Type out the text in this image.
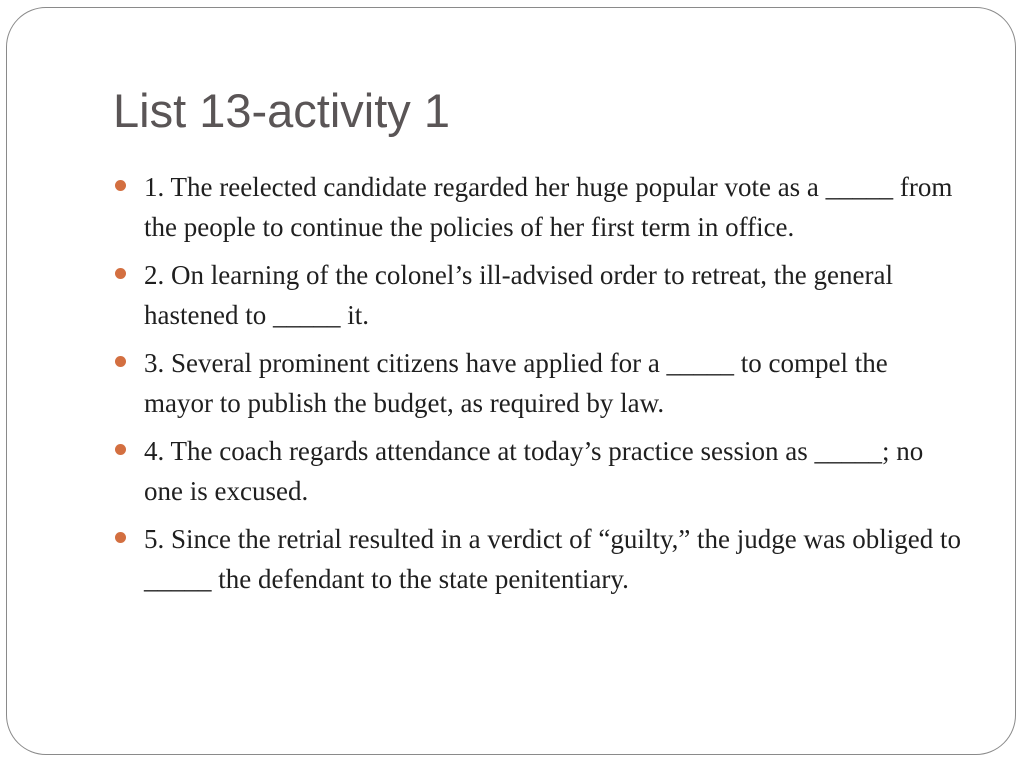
List 13-activity 1
1. The reelected candidate regarded her huge popular vote as a _____ from the people to continue the policies of her first term in office.
2. On learning of the colonel’s ill-advised order to retreat, the general hastened to _____ it.
3. Several prominent citizens have applied for a _____ to compel the mayor to publish the budget, as required by law.
4. The coach regards attendance at today’s practice session as _____; no one is excused.
5. Since the retrial resulted in a verdict of “guilty,” the judge was obliged to _____ the defendant to the state penitentiary.
